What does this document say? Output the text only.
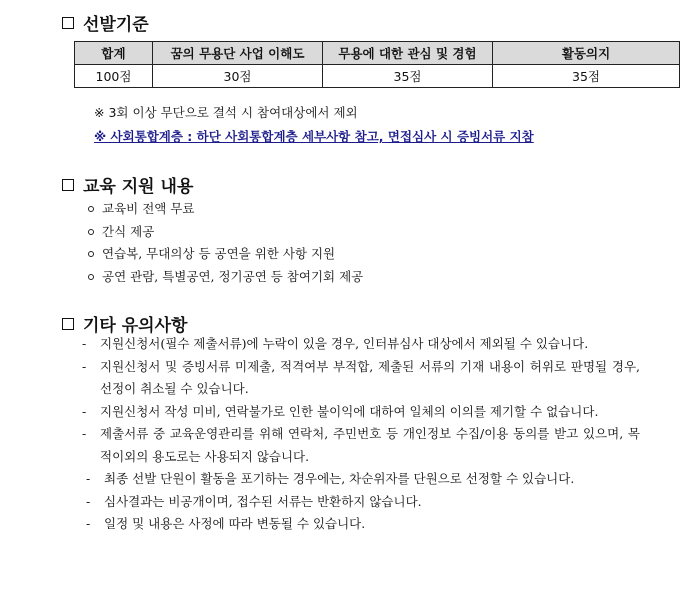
선발기준
합계	꿈의 무용단 사업 이해도	무용에 대한 관심 및 경험	활동의지
100점	30점	35점	35점
※ 3회 이상 무단으로 결석 시 참여대상에서 제외
※ 사회통합계층 : 하단 사회통합계층 세부사항 참고, 면접심사 시 증빙서류 지참
교육 지원 내용
교육비 전액 무료
간식 제공
연습복, 무대의상 등 공연을 위한 사항 지원
공연 관람, 특별공연, 정기공연 등 참여기회 제공
기타 유의사항
- 지원신청서(필수 제출서류)에 누락이 있을 경우, 인터뷰심사 대상에서 제외될 수 있습니다.
- 지원신청서 및 증빙서류 미제출, 적격여부 부적합, 제출된 서류의 기재 내용이 허위로 판명될 경우, 선정이 취소될 수 있습니다.
- 지원신청서 작성 미비, 연락불가로 인한 불이익에 대하여 일체의 이의를 제기할 수 없습니다.
- 제출서류 중 교육운영관리를 위해 연락처, 주민번호 등 개인정보 수집/이용 동의를 받고 있으며, 목적이외의 용도로는 사용되지 않습니다.
- 최종 선발 단원이 활동을 포기하는 경우에는, 차순위자를 단원으로 선정할 수 있습니다.
- 심사결과는 비공개이며, 접수된 서류는 반환하지 않습니다.
- 일정 및 내용은 사정에 따라 변동될 수 있습니다.
